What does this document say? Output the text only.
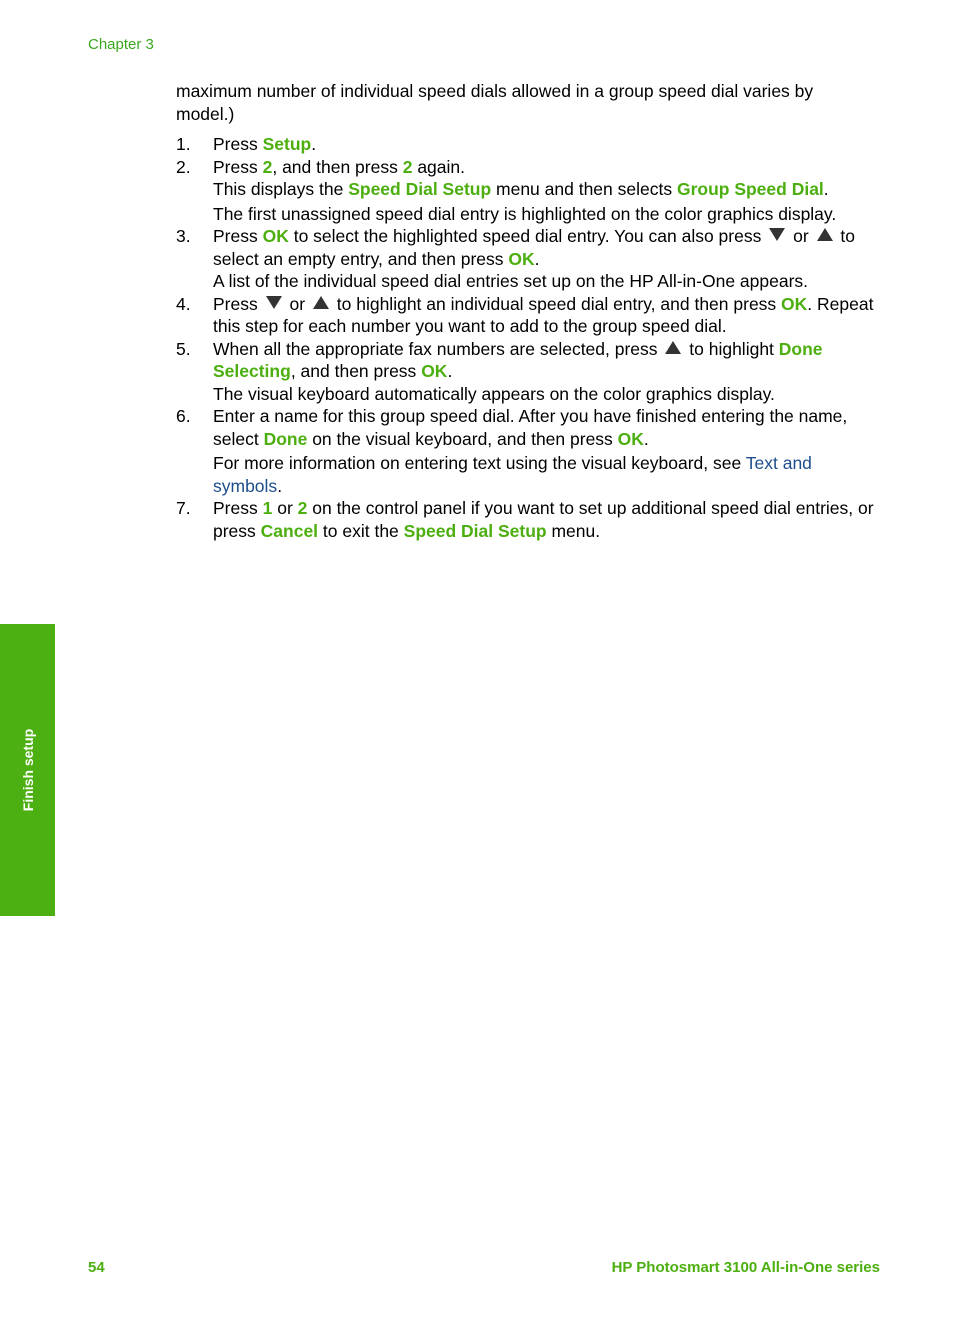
Chapter 3

maximum number of individual speed dials allowed in a group speed dial varies by model.)

1. Press Setup.

2. Press 2, and then press 2 again.

This displays the Speed Dial Setup menu and then selects Group Speed Dial.

The first unassigned speed dial entry is highlighted on the color graphics display.

3. Press OK to select the highlighted speed dial entry. You can also press  or  to select an empty entry, and then press OK.

A list of the individual speed dial entries set up on the HP All-in-One appears.

4. Press  or  to highlight an individual speed dial entry, and then press OK. Repeat this step for each number you want to add to the group speed dial.

5. When all the appropriate fax numbers are selected, press  to highlight Done Selecting, and then press OK.

The visual keyboard automatically appears on the color graphics display.

6. Enter a name for this group speed dial. After you have finished entering the name, select Done on the visual keyboard, and then press OK.

For more information on entering text using the visual keyboard, see Text and symbols.

7. Press 1 or 2 on the control panel if you want to set up additional speed dial entries, or press Cancel to exit the Speed Dial Setup menu.

Finish setup
54	HP Photosmart 3100 All-in-One series
